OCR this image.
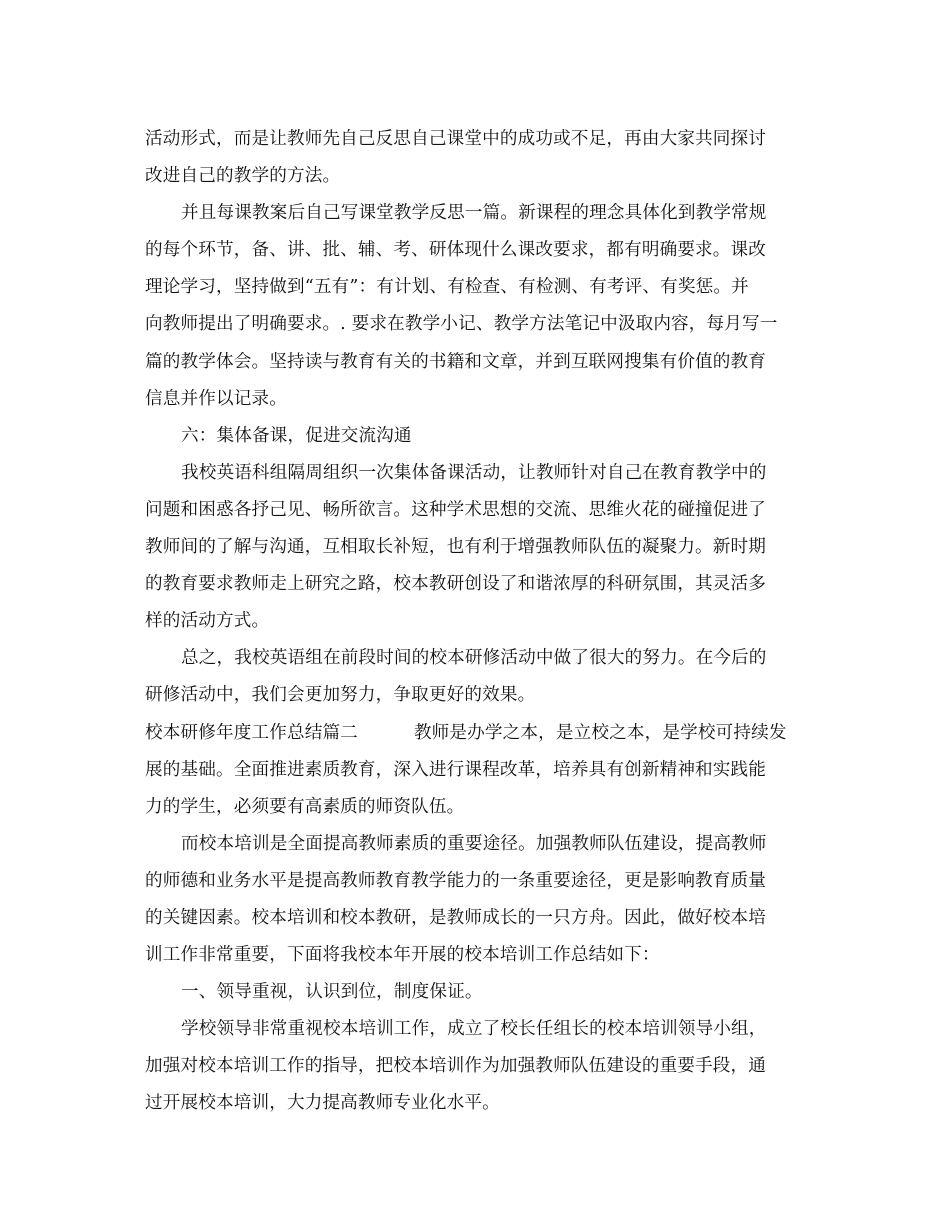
活动形式，而是让教师先自己反思自己课堂中的成功或不足，再由大家共同探讨
改进自己的教学的方法。
并且每课教案后自己写课堂教学反思一篇。新课程的理念具体化到教学常规
的每个环节，备、讲、批、辅、考、研体现什么课改要求，都有明确要求。课改
理论学习，坚持做到“五有”：有计划、有检查、有检测、有考评、有奖惩。并
向教师提出了明确要求。. 要求在教学小记、教学方法笔记中汲取内容，每月写一
篇的教学体会。坚持读与教育有关的书籍和文章，并到互联网搜集有价值的教育
信息并作以记录。
六：集体备课，促进交流沟通
我校英语科组隔周组织一次集体备课活动，让教师针对自己在教育教学中的
问题和困惑各抒己见、畅所欲言。这种学术思想的交流、思维火花的碰撞促进了
教师间的了解与沟通，互相取长补短，也有利于增强教师队伍的凝聚力。新时期
的教育要求教师走上研究之路，校本教研创设了和谐浓厚的科研氛围，其灵活多
样的活动方式。
总之，我校英语组在前段时间的校本研修活动中做了很大的努力。在今后的
研修活动中，我们会更加努力，争取更好的效果。
校本研修年度工作总结篇二	教师是办学之本，是立校之本，是学校可持续发
展的基础。全面推进素质教育，深入进行课程改革，培养具有创新精神和实践能
力的学生，必须要有高素质的师资队伍。
而校本培训是全面提高教师素质的重要途径。加强教师队伍建设，提高教师
的师德和业务水平是提高教师教育教学能力的一条重要途径，更是影响教育质量
的关键因素。校本培训和校本教研，是教师成长的一只方舟。因此，做好校本培
训工作非常重要，下面将我校本年开展的校本培训工作总结如下：
一、领导重视，认识到位，制度保证。
学校领导非常重视校本培训工作，成立了校长任组长的校本培训领导小组，
加强对校本培训工作的指导，把校本培训作为加强教师队伍建设的重要手段，通
过开展校本培训，大力提高教师专业化水平。
